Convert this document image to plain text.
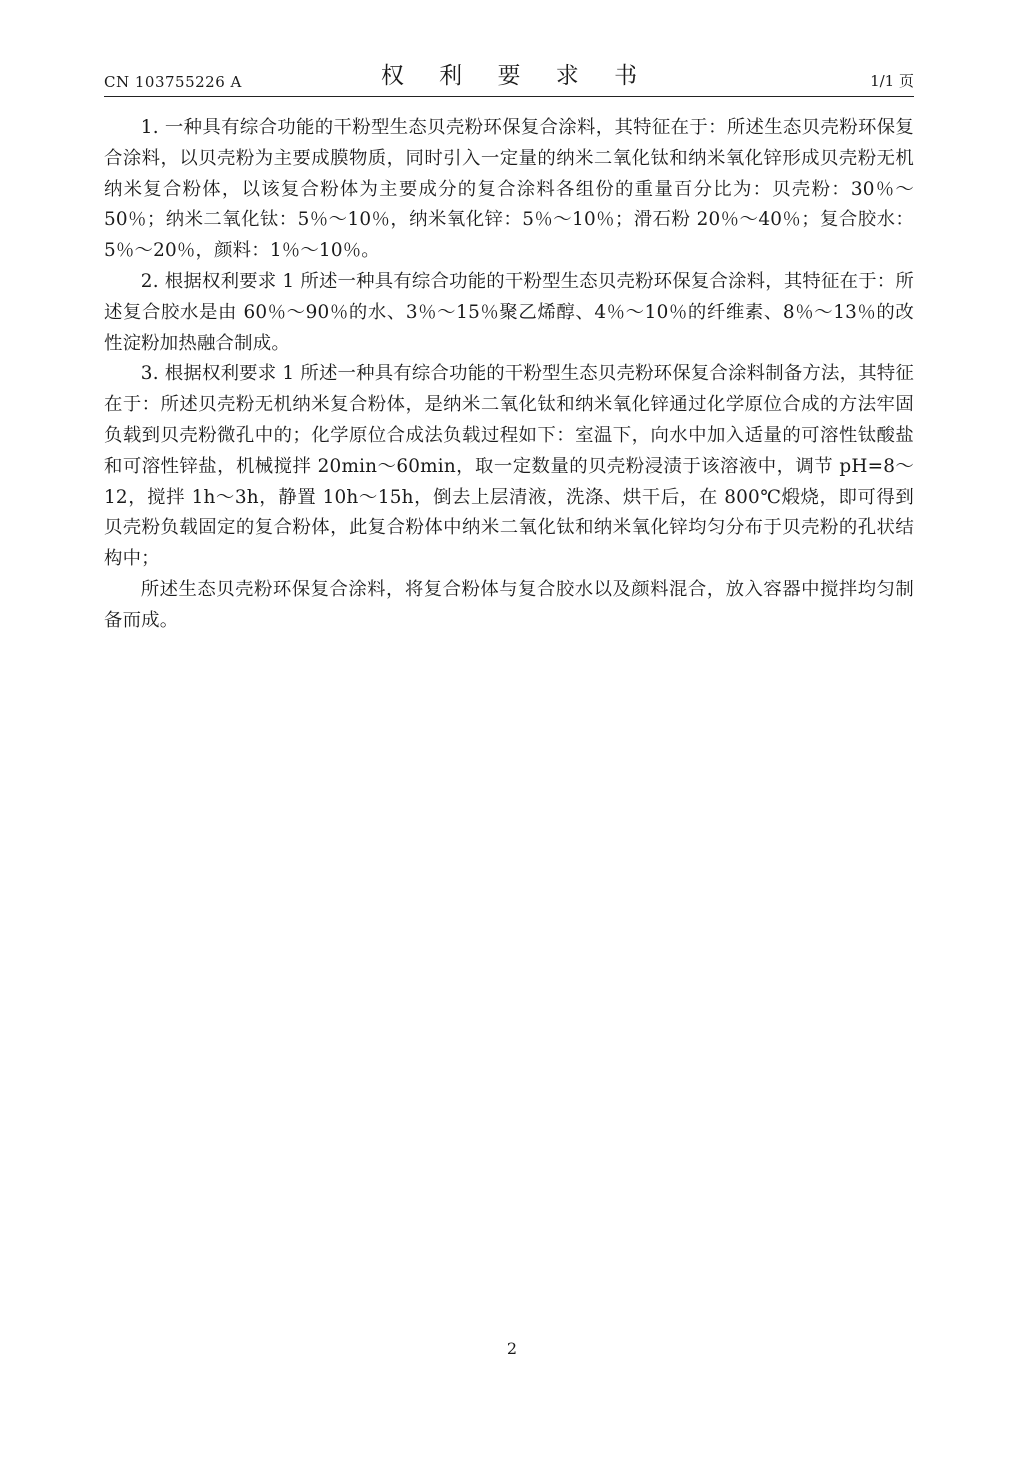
CN 103755226 A	权 利 要 求 书	1/1 页

1. 一种具有综合功能的干粉型生态贝壳粉环保复合涂料，其特征在于：所述生态贝壳粉环保复合涂料，以贝壳粉为主要成膜物质，同时引入一定量的纳米二氧化钛和纳米氧化锌形成贝壳粉无机纳米复合粉体，以该复合粉体为主要成分的复合涂料各组份的重量百分比为：贝壳粉：30％～50％；纳米二氧化钛：5％～10％，纳米氧化锌：5％～10％；滑石粉 20％～40％；复合胶水：5％～20％，颜料：1％～10％。

2. 根据权利要求 1 所述一种具有综合功能的干粉型生态贝壳粉环保复合涂料，其特征在于：所述复合胶水是由 60％～90％的水、3％～15％聚乙烯醇、4％～10％的纤维素、8％～13％的改性淀粉加热融合制成。

3. 根据权利要求 1 所述一种具有综合功能的干粉型生态贝壳粉环保复合涂料制备方法，其特征在于：所述贝壳粉无机纳米复合粉体，是纳米二氧化钛和纳米氧化锌通过化学原位合成的方法牢固负载到贝壳粉微孔中的；化学原位合成法负载过程如下：室温下，向水中加入适量的可溶性钛酸盐和可溶性锌盐，机械搅拌 20min～60min，取一定数量的贝壳粉浸渍于该溶液中，调节 pH=8～12，搅拌 1h～3h，静置 10h～15h，倒去上层清液，洗涤、烘干后，在 800℃煅烧，即可得到贝壳粉负载固定的复合粉体，此复合粉体中纳米二氧化钛和纳米氧化锌均匀分布于贝壳粉的孔状结构中；

所述生态贝壳粉环保复合涂料，将复合粉体与复合胶水以及颜料混合，放入容器中搅拌均匀制备而成。

2
